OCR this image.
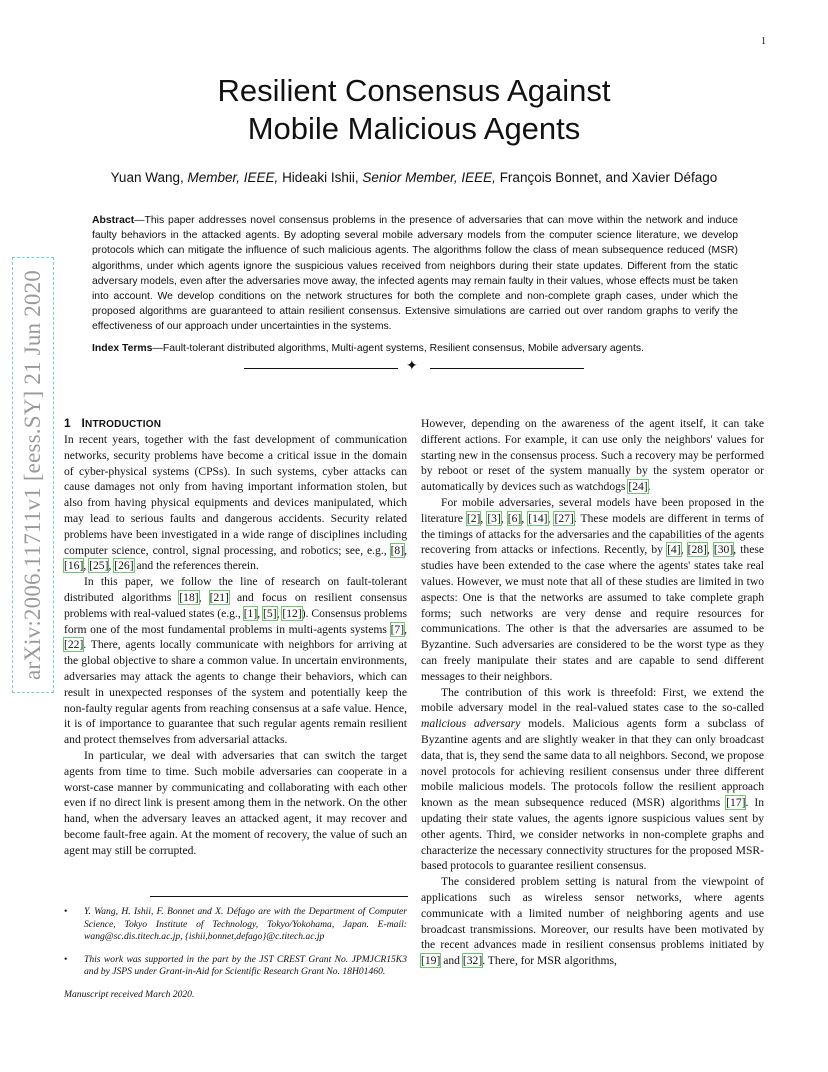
1
arXiv:2006.11711v1 [eess.SY] 21 Jun 2020
Resilient Consensus Against
Mobile Malicious Agents
Yuan Wang, Member, IEEE, Hideaki Ishii, Senior Member, IEEE, François Bonnet, and Xavier Défago
Abstract—This paper addresses novel consensus problems in the presence of adversaries that can move within the network and induce faulty behaviors in the attacked agents. By adopting several mobile adversary models from the computer science literature, we develop protocols which can mitigate the influence of such malicious agents. The algorithms follow the class of mean subsequence reduced (MSR) algorithms, under which agents ignore the suspicious values received from neighbors during their state updates. Different from the static adversary models, even after the adversaries move away, the infected agents may remain faulty in their values, whose effects must be taken into account. We develop conditions on the network structures for both the complete and non-complete graph cases, under which the proposed algorithms are guaranteed to attain resilient consensus. Extensive simulations are carried out over random graphs to verify the effectiveness of our approach under uncertainties in the systems.
Index Terms—Fault-tolerant distributed algorithms, Multi-agent systems, Resilient consensus, Mobile adversary agents.
✦
1 INTRODUCTION

In recent years, together with the fast development of communication networks, security problems have become a critical issue in the domain of cyber-physical systems (CPSs). In such systems, cyber attacks can cause damages not only from having important information stolen, but also from having physical equipments and devices manipulated, which may lead to serious faults and dangerous accidents. Security related problems have been investigated in a wide range of disciplines including computer science, control, signal processing, and robotics; see, e.g., [8], [16], [25], [26] and the references therein.

In this paper, we follow the line of research on fault-tolerant distributed algorithms [18], [21] and focus on resilient consensus problems with real-valued states (e.g., [1], [5], [12]). Consensus problems form one of the most fundamental problems in multi-agents systems [7], [22]. There, agents locally communicate with neighbors for arriving at the global objective to share a common value. In uncertain environments, adversaries may attack the agents to change their behaviors, which can result in unexpected responses of the system and potentially keep the non-faulty regular agents from reaching consensus at a safe value. Hence, it is of importance to guarantee that such regular agents remain resilient and protect themselves from adversarial attacks.

In particular, we deal with adversaries that can switch the target agents from time to time. Such mobile adversaries can cooperate in a worst-case manner by communicating and collaborating with each other even if no direct link is present among them in the network. On the other hand, when the adversary leaves an attacked agent, it may recover and become fault-free again. At the moment of recovery, the value of such an agent may still be corrupted.

• Y. Wang, H. Ishii, F. Bonnet and X. Défago are with the Department of Computer Science, Tokyo Institute of Technology, Tokyo/Yokohama, Japan. E-mail: wang@sc.dis.titech.ac.jp, {ishii,bonnet,defago}@c.titech.ac.jp
• This work was supported in the part by the JST CREST Grant No. JPMJCR15K3 and by JSPS under Grant-in-Aid for Scientific Research Grant No. 18H01460.
Manuscript received March 2020.

However, depending on the awareness of the agent itself, it can take different actions. For example, it can use only the neighbors' values for starting new in the consensus process. Such a recovery may be performed by reboot or reset of the system manually by the system operator or automatically by devices such as watchdogs [24].

For mobile adversaries, several models have been proposed in the literature [2], [3], [6], [14], [27]. These models are different in terms of the timings of attacks for the adversaries and the capabilities of the agents recovering from attacks or infections. Recently, by [4], [28], [30], these studies have been extended to the case where the agents' states take real values. However, we must note that all of these studies are limited in two aspects: One is that the networks are assumed to take complete graph forms; such networks are very dense and require resources for communications. The other is that the adversaries are assumed to be Byzantine. Such adversaries are considered to be the worst type as they can freely manipulate their states and are capable to send different messages to their neighbors.

The contribution of this work is threefold: First, we extend the mobile adversary model in the real-valued states case to the so-called malicious adversary models. Malicious agents form a subclass of Byzantine agents and are slightly weaker in that they can only broadcast data, that is, they send the same data to all neighbors. Second, we propose novel protocols for achieving resilient consensus under three different mobile malicious models. The protocols follow the resilient approach known as the mean subsequence reduced (MSR) algorithms [17]. In updating their state values, the agents ignore suspicious values sent by other agents. Third, we consider networks in non-complete graphs and characterize the necessary connectivity structures for the proposed MSR-based protocols to guarantee resilient consensus.

The considered problem setting is natural from the viewpoint of applications such as wireless sensor networks, where agents communicate with a limited number of neighboring agents and use broadcast transmissions. Moreover, our results have been motivated by the recent advances made in resilient consensus problems initiated by [19] and [32]. There, for MSR algorithms,
